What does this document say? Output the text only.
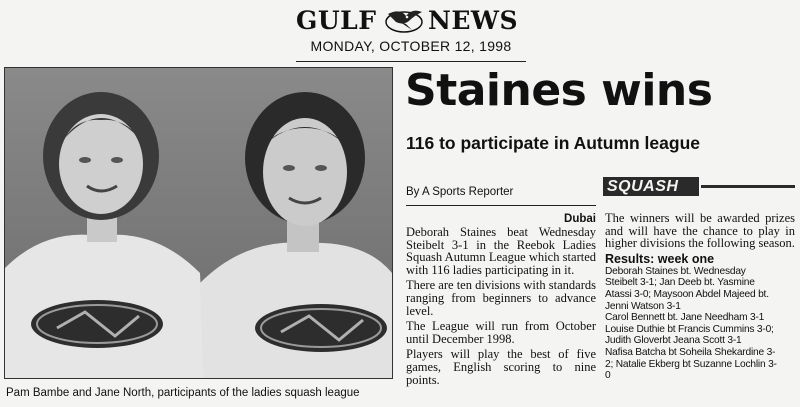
GULF NEWS
MONDAY, OCTOBER 12, 1998
Pam Bambe and Jane North, participants of the ladies squash league
Staines wins
116 to participate in Autumn league
By A Sports Reporter
Dubai

Deborah Staines beat Wednesday Steibelt 3-1 in the Reebok Ladies Squash Autumn League which started with 116 ladies participating in it.

There are ten divisions with standards ranging from beginners to advance level.

The League will run from October until December 1998.

Players will play the best of five games, English scoring to nine points.

SQUASH

The winners will be awarded prizes and will have the chance to play in higher divisions the following season.

Results: week one
Deborah Staines bt. Wednesday
Steibelt 3-1; Jan Deeb bt. Yasmine
Atassi 3-0; Maysoon Abdel Majeed bt.
Jenni Watson 3-1
Carol Bennett bt. Jane Needham 3-1
Louise Duthie bt Francis Cummins 3-0;
Judith Gloverbt Jeana Scott 3-1
Nafisa Batcha bt Soheila Shekardine 3-
2; Natalie Ekberg bt Suzanne Lochlin 3-
0
